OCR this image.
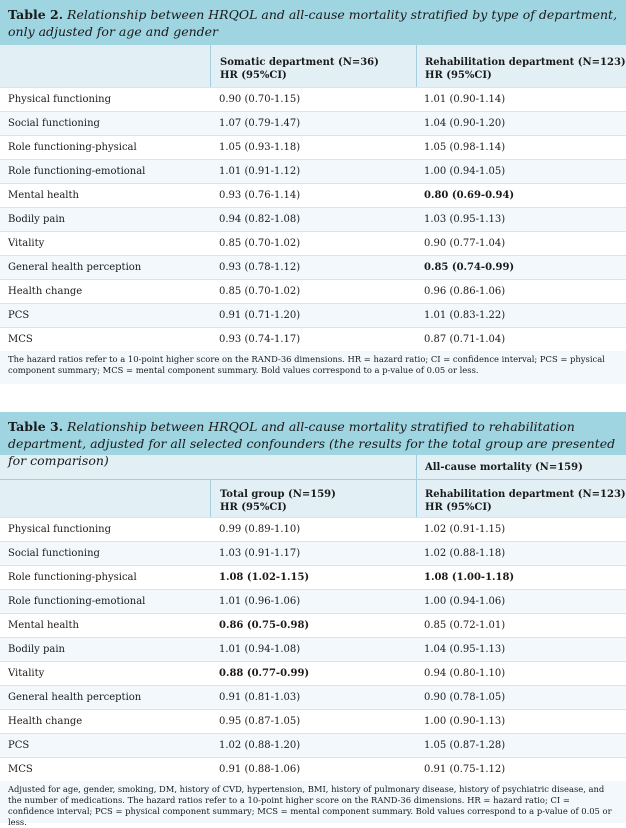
Table 2. Relationship between HRQOL and all-cause mortality stratified by type of department, only adjusted for age and gender
Somatic department (N=36)
HR (95%CI)
Rehabilitation department (N=123)
HR (95%CI)
Physical functioning	0.90 (0.70-1.15)	1.01 (0.90-1.14)
Social functioning	1.07 (0.79-1.47)	1.04 (0.90-1.20)
Role functioning-physical	1.05 (0.93-1.18)	1.05 (0.98-1.14)
Role functioning-emotional	1.01 (0.91-1.12)	1.00 (0.94-1.05)
Mental health	0.93 (0.76-1.14)	0.80 (0.69-0.94)
Bodily pain	0.94 (0.82-1.08)	1.03 (0.95-1.13)
Vitality	0.85 (0.70-1.02)	0.90 (0.77-1.04)
General health perception	0.93 (0.78-1.12)	0.85 (0.74-0.99)
Health change	0.85 (0.70-1.02)	0.96 (0.86-1.06)
PCS	0.91 (0.71-1.20)	1.01 (0.83-1.22)
MCS	0.93 (0.74-1.17)	0.87 (0.71-1.04)
The hazard ratios refer to a 10-point higher score on the RAND-36 dimensions. HR = hazard ratio; CI = confidence interval; PCS = physical component summary; MCS = mental component summary. Bold values correspond to a p-value of 0.05 or less.
Table 3. Relationship between HRQOL and all-cause mortality stratified to rehabilitation department, adjusted for all selected confounders (the results for the total group are presented for comparison)	All-cause mortality (N=159)
Total group (N=159)
HR (95%CI)
Rehabilitation department (N=123)
HR (95%CI)
Physical functioning	0.99 (0.89-1.10)	1.02 (0.91-1.15)
Social functioning	1.03 (0.91-1.17)	1.02 (0.88-1.18)
Role functioning-physical	1.08 (1.02-1.15)	1.08 (1.00-1.18)
Role functioning-emotional	1.01 (0.96-1.06)	1.00 (0.94-1.06)
Mental health	0.86 (0.75-0.98)	0.85 (0.72-1.01)
Bodily pain	1.01 (0.94-1.08)	1.04 (0.95-1.13)
Vitality	0.88 (0.77-0.99)	0.94 (0.80-1.10)
General health perception	0.91 (0.81-1.03)	0.90 (0.78-1.05)
Health change	0.95 (0.87-1.05)	1.00 (0.90-1.13)
PCS	1.02 (0.88-1.20)	1.05 (0.87-1.28)
MCS	0.91 (0.88-1.06)	0.91 (0.75-1.12)
Adjusted for age, gender, smoking, DM, history of CVD, hypertension, BMI, history of pulmonary disease, history of psychiatric disease, and the number of medications. The hazard ratios refer to a 10-point higher score on the RAND-36 dimensions. HR = hazard ratio; CI = confidence interval; PCS = physical component summary; MCS = mental component summary. Bold values correspond to a p-value of 0.05 or less.
